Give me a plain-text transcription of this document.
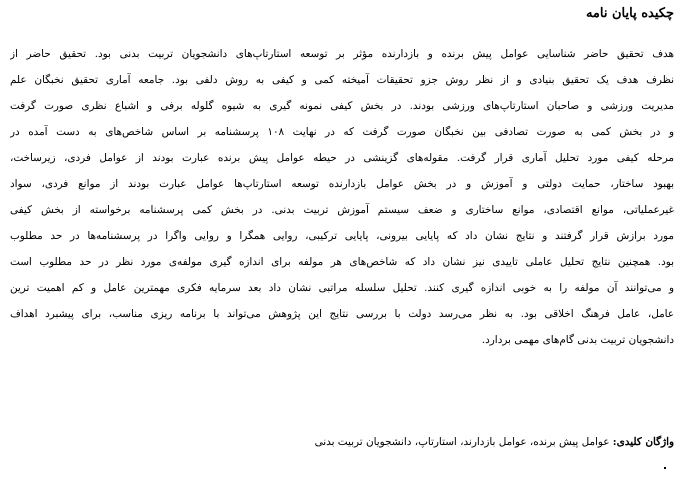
چکیده پایان نامه
هدف تحقیق حاضر شناسایی عوامل پیش برنده و بازدارنده مؤثر بر توسعه استارتاپ‌های دانشجویان تربیت بدنی بود. تحقیق حاضر از
نظرف هدف یک تحقیق بنیادی و از نظر روش جزو تحقیقات آمیخته کمی و کیفی به روش دلفی بود. جامعه آماری تحقیق نخبگان علم
مدیریت ورزشی و صاحبان استارتاپ‌های ورزشی بودند. در بخش کیفی نمونه گیری به شیوه گلوله برفی و اشباع نظری صورت گرفت
و در بخش کمی به صورت تصادفی بین نخبگان صورت گرفت که در نهایت ۱۰۸ پرسشنامه بر اساس شاخص‌های به دست آمده در
مرحله کیفی مورد تحلیل آماری قرار گرفت. مقوله‌های گزینشی در حیطه عوامل پیش برنده عبارت بودند از عوامل فردی، زیرساخت،
بهبود ساختار، حمایت دولتی و آموزش و در بخش عوامل بازدارنده توسعه استارتاپ‌ها عوامل عبارت بودند از موانع فردی، سواد
غیرعملیاتی، موانع اقتصادی، موانع ساختاری و ضعف سیستم آموزش تربیت بدنی. در بخش کمی پرسشنامه برخواسته از بخش کیفی
مورد برازش قرار گرفتند و نتایج نشان داد که پایایی بیرونی، پایایی ترکیبی، روایی همگرا و روایی واگرا در پرسشنامه‌ها در حد مطلوب
بود. همچنین نتایج تحلیل عاملی تاییدی نیز نشان داد که شاخص‌های هر مولفه برای اندازه گیری مولفه‌ی مورد نظر در حد مطلوب است
و می‌توانند آن مولفه را به خوبی اندازه گیری کنند. تحلیل سلسله مراتبی نشان داد بعد سرمایه فکری مهمترین عامل و کم اهمیت ترین
عامل، عامل فرهنگ اخلاقی بود. به نظر می‌رسد دولت با بررسی نتایج این پژوهش می‌تواند با برنامه ریزی مناسب، برای پیشبرد اهداف
دانشجویان تربیت بدنی گام‌های مهمی بردارد.
واژگان کلیدی: عوامل پیش برنده، عوامل بازدارند، استارتاپ، دانشجویان تربیت بدنی
